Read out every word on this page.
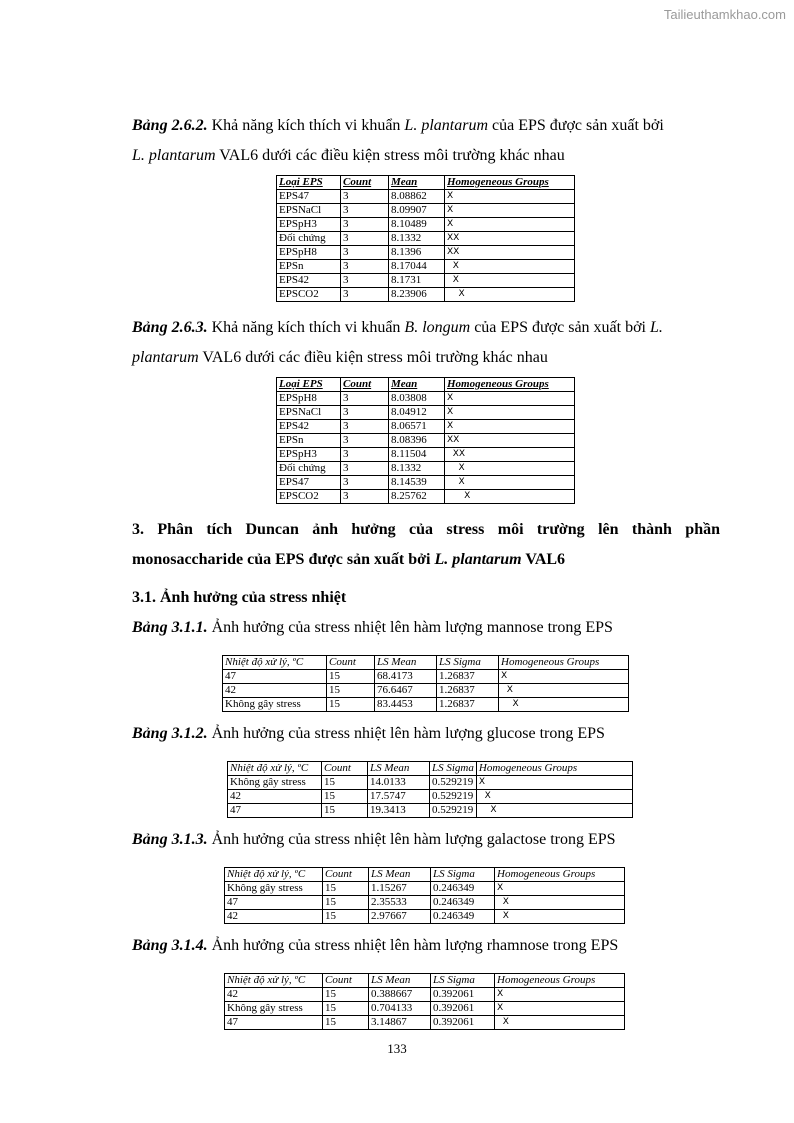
Tailieuthamkhao.com

Bảng 2.6.2. Khả năng kích thích vi khuẩn L. plantarum của EPS được sản xuất bởi
L. plantarum VAL6 dưới các điều kiện stress môi trường khác nhau

Loại EPS	Count	Mean	Homogeneous Groups
EPS47	3	8.08862	X
EPSNaCl	3	8.09907	X
EPSpH3	3	8.10489	X
Đối chứng	3	8.1332	XX
EPSpH8	3	8.1396	XX
EPSn	3	8.17044	X
EPS42	3	8.1731	X
EPSCO2	3	8.23906	X

Bảng 2.6.3. Khả năng kích thích vi khuẩn B. longum của EPS được sản xuất bởi L.
plantarum VAL6 dưới các điều kiện stress môi trường khác nhau

Loại EPS	Count	Mean	Homogeneous Groups
EPSpH8	3	8.03808	X
EPSNaCl	3	8.04912	X
EPS42	3	8.06571	X
EPSn	3	8.08396	XX
EPSpH3	3	8.11504	XX
Đối chứng	3	8.1332	X
EPS47	3	8.14539	X
EPSCO2	3	8.25762	X

3. Phân tích Duncan ảnh hưởng của stress môi trường lên thành phần

monosaccharide của EPS được sản xuất bởi L. plantarum VAL6

3.1. Ảnh hưởng của stress nhiệt

Bảng 3.1.1. Ảnh hưởng của stress nhiệt lên hàm lượng mannose trong EPS

Nhiệt độ xử lý, ºC	Count	LS Mean	LS Sigma	Homogeneous Groups
47	15	68.4173	1.26837	X
42	15	76.6467	1.26837	X
Không gây stress	15	83.4453	1.26837	X

Bảng 3.1.2. Ảnh hưởng của stress nhiệt lên hàm lượng glucose trong EPS

Nhiệt độ xử lý, ºC	Count	LS Mean	LS Sigma	Homogeneous Groups
Không gây stress	15	14.0133	0.529219	X
42	15	17.5747	0.529219	X
47	15	19.3413	0.529219	X

Bảng 3.1.3. Ảnh hưởng của stress nhiệt lên hàm lượng galactose trong EPS

Nhiệt độ xử lý, ºC	Count	LS Mean	LS Sigma	Homogeneous Groups
Không gây stress	15	1.15267	0.246349	X
47	15	2.35533	0.246349	X
42	15	2.97667	0.246349	X

Bảng 3.1.4. Ảnh hưởng của stress nhiệt lên hàm lượng rhamnose trong EPS

Nhiệt độ xử lý, ºC	Count	LS Mean	LS Sigma	Homogeneous Groups
42	15	0.388667	0.392061	X
Không gây stress	15	0.704133	0.392061	X
47	15	3.14867	0.392061	X
133
